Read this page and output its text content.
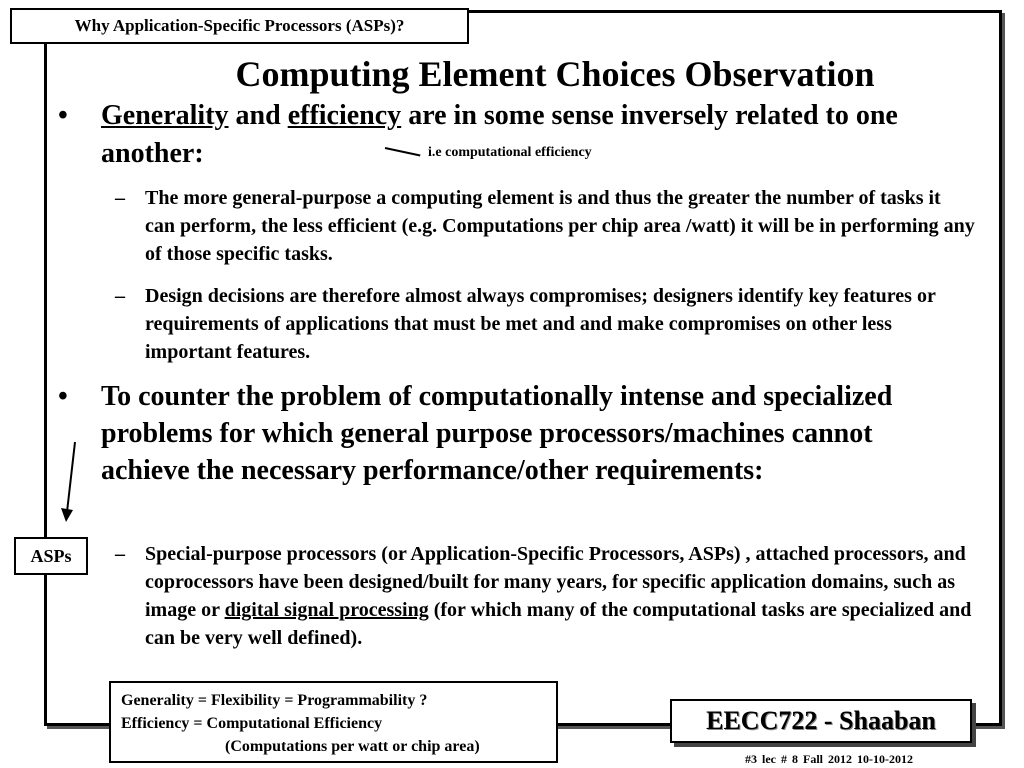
Why Application-Specific Processors (ASPs)?
Computing Element Choices Observation
• Generality and efficiency are in some sense inversely related to one another:	i.e computational efficiency
– The more general-purpose a computing element is and thus the greater the number of tasks it can perform, the less efficient (e.g. Computations per chip area /watt) it will be in performing any of those specific tasks.
– Design decisions are therefore almost always compromises; designers identify key features or requirements of applications that must be met and and make compromises on other less important features.
• To counter the problem of computationally intense and specialized problems for which general purpose processors/machines cannot achieve the necessary performance/other requirements:
ASPs	– Special-purpose processors (or Application-Specific Processors, ASPs) , attached processors, and coprocessors have been designed/built for many years, for specific application domains, such as image or digital signal processing (for which many of the computational tasks are specialized and can be very well defined).
Generality = Flexibility = Programmability ?
Efficiency = Computational Efficiency
(Computations per watt or chip area)
EECC722 - Shaaban
#3 lec # 8 Fall 2012 10-10-2012
